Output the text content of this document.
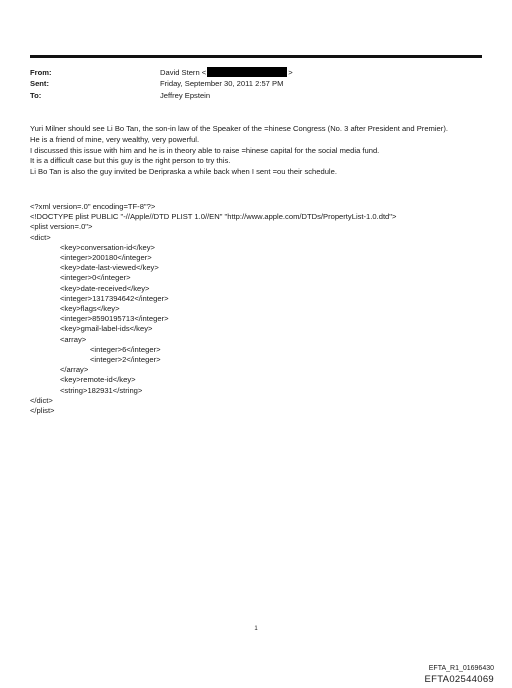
From:	David Stern <	>
Sent:	Friday, September 30, 2011 2:57 PM
To:	Jeffrey Epstein
Yuri Milner should see Li Bo Tan, the son-in law of the Speaker of the =hinese Congress (No. 3 after President and Premier).
He is a friend of mine, very wealthy, very powerful.
I discussed this issue with him and he is in theory able to raise =hinese capital for the social media fund.
It is a difficult case but this guy is the right person to try this.
Li Bo Tan is also the guy invited be Deripraska a while back when I sent =ou their schedule.
<?xml version=.0" encoding=TF-8"?>
<!DOCTYPE plist PUBLIC "-//Apple//DTD PLIST 1.0//EN" "http://www.apple.com/DTDs/PropertyList-1.0.dtd">
<plist version=.0">
<dict>
<key>conversation-id</key>
<integer>200180</integer>
<key>date-last-viewed</key>
<integer>0</integer>
<key>date-received</key>
<integer>1317394642</integer>
<key>flags</key>
<integer>8590195713</integer>
<key>gmail-label-ids</key>
<array>
<integer>6</integer>
<integer>2</integer>
</array>
<key>remote-id</key>
<string>182931</string>
</dict>
</plist>
1
EFTA_R1_01696430
EFTA02544069
